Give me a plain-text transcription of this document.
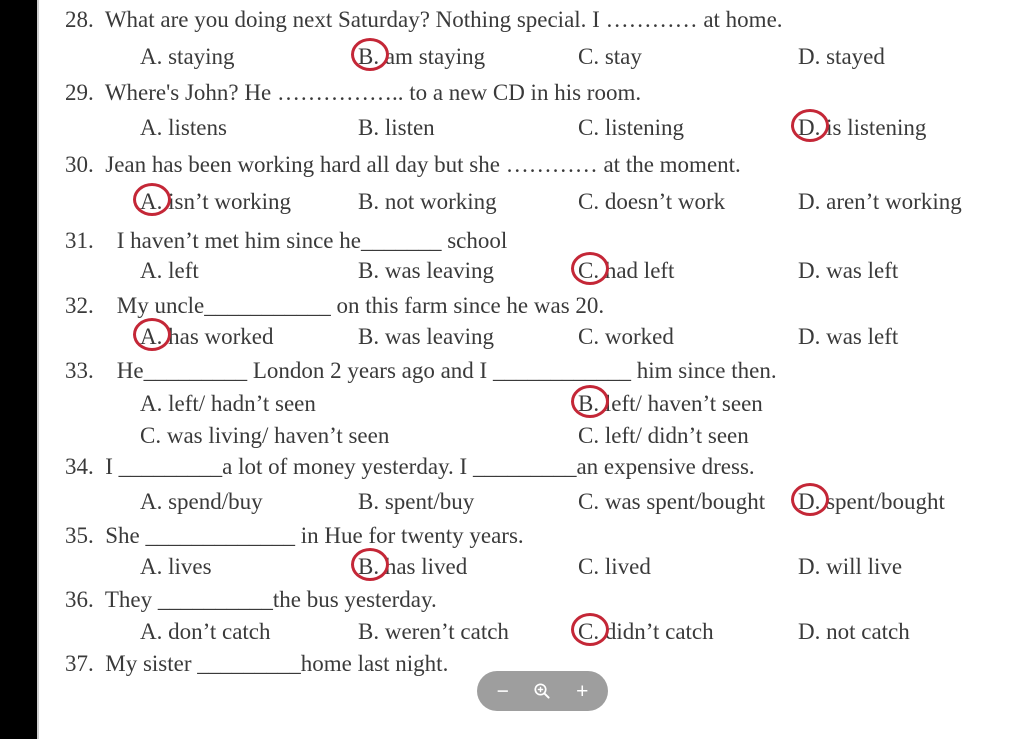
28.  What are you doing next Saturday? Nothing special. I ………… at home.
A. staying	B. am staying	C. stay	D. stayed
29.  Where's John? He …………….. to a new CD in his room.
A. listens	B. listen	C. listening	D. is listening
30.  Jean has been working hard all day but she ………… at the moment.
A. isn’t working	B. not working	C. doesn’t work	D. aren’t working
31.    I haven’t met him since he_______ school
A. left	B. was leaving	C. had left	D. was left
32.    My uncle___________ on this farm since he was 20.
A. has worked	B. was leaving	C. worked	D. was left
33.    He_________ London 2 years ago and I ____________ him since then.
A. left/ hadn’t seen	B. left/ haven’t seen
C. was living/ haven’t seen	C. left/ didn’t seen
34.  I _________a lot of money yesterday. I _________an expensive dress.
A. spend/buy	B. spent/buy	C. was spent/bought D. spent/bought
35.  She _____________ in Hue for twenty years.
A. lives	B. has lived	C. lived	D. will live
36.  They __________the bus yesterday.
A. don’t catch	B. weren’t catch	C. didn’t catch	D. not catch
37.  My sister _________home last night.
−	+
